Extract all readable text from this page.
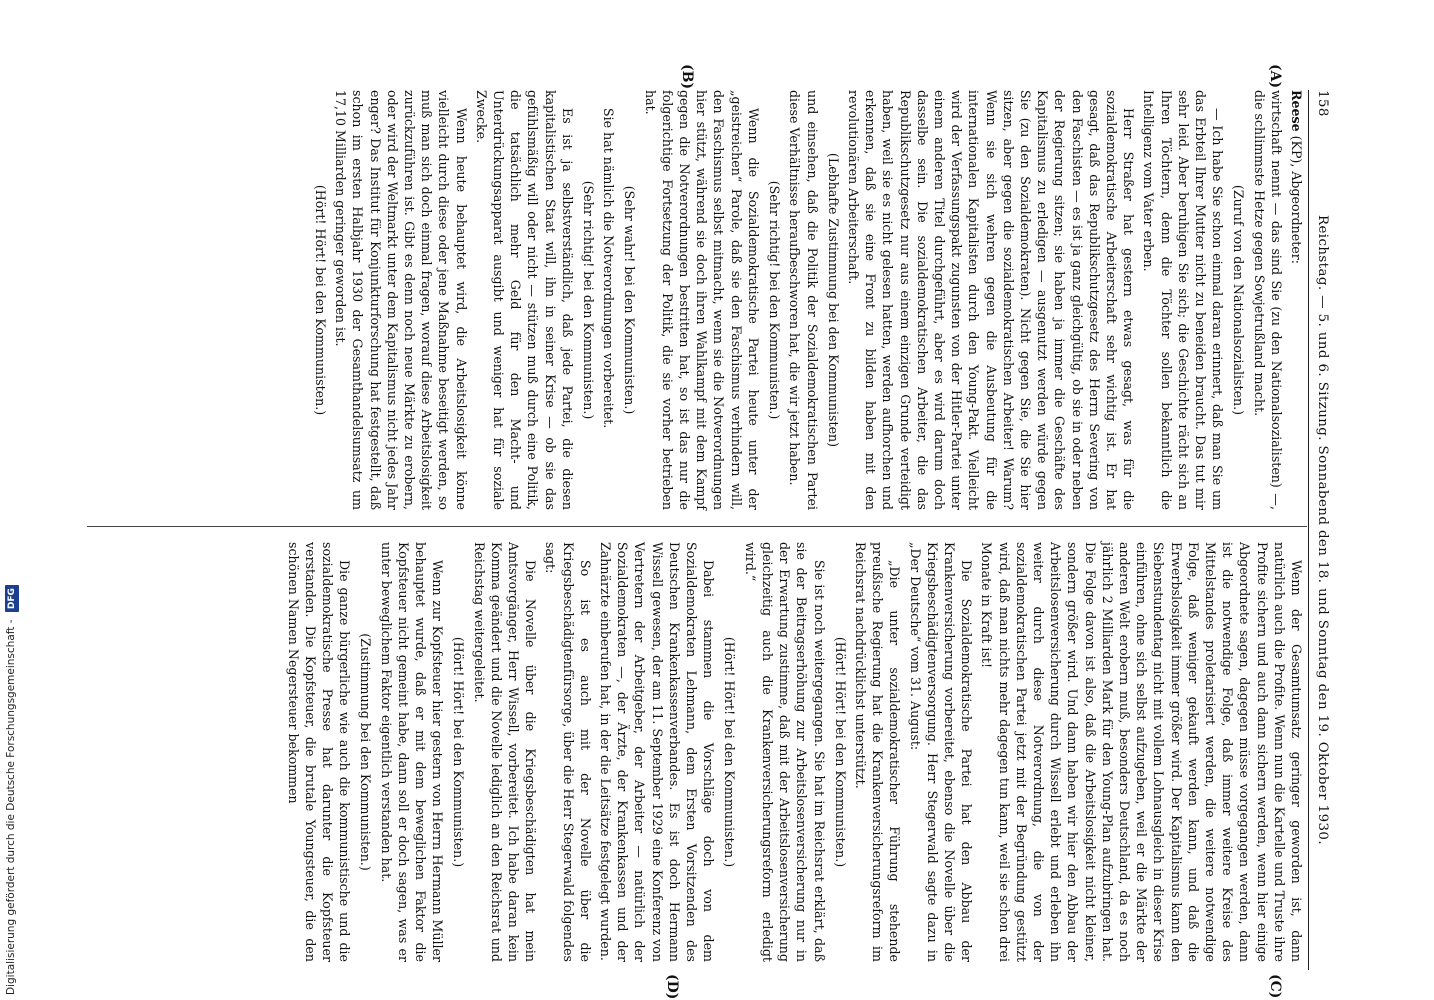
158
Reichstag. — 5. und 6. Sitzung. Sonnabend den 18. und Sonntag den 19. Oktober 1930.
(A)
(B)
(C)
(D)

Reese (KP), Abgeordneter:

wirtschaft nennt — das sind Sie (zu den Nationalsozialisten) —, die schlimmste Hetze gegen Sowjetrußland macht.

(Zuruf von den Nationalsozialisten.)

— Ich habe Sie schon einmal daran erinnert, daß man Sie um das Erbteil Ihrer Mutter nicht zu beneiden braucht. Das tut mir sehr leid. Aber beruhigen Sie sich; die Geschichte rächt sich an Ihren Töchtern, denn die Töchter sollen bekanntlich die Intelligenz vom Vater erben.

Herr Straßer hat gestern etwas gesagt, was für die sozialdemokratische Arbeiterschaft sehr wichtig ist. Er hat gesagt, daß das Republikschutzgesetz des Herrn Severing von den Faschisten — es ist ja ganz gleichgültig, ob sie in oder neben der Regierung sitzen; sie haben ja immer die Geschäfte des Kapitalismus zu erledigen — ausgenutzt werden würde gegen Sie (zu den Sozialdemokraten). Nicht gegen Sie, die Sie hier sitzen, aber gegen die sozialdemokratischen Arbeiter! Warum? Wenn sie sich wehren gegen die Ausbeutung für die internationalen Kapitalisten durch den Young-Pakt. Vielleicht wird der Verfassungspakt zugunsten von der Hitler-Partei unter einem anderen Titel durchgeführt, aber es wird darum doch dasselbe sein. Die sozialdemokratischen Arbeiter, die das Republikschutzgesetz nur aus einem einzigen Grunde verteidigt haben, weil sie es nicht gelesen hatten, werden aufhorchen und erkennen, daß sie eine Front zu bilden haben mit den revolutionären Arbeiterschaft.

(Lebhafte Zustimmung bei den Kommunisten)

und einsehen, daß die Politik der Sozialdemokratischen Partei diese Verhältnisse heraufbeschworen hat, die wir jetzt haben.

(Sehr richtig! bei den Kommunisten.)

Wenn die Sozialdemokratische Partei heute unter der „geistreichen“ Parole, daß sie den Faschismus verhindern will, den Faschismus selbst mitmacht, wenn sie die Notverordnungen hier stützt, während sie doch ihren Wahlkampf mit dem Kampf gegen die Notverordnungen bestritten hat, so ist das nur die folgerichtige Fortsetzung der Politik, die sie vorher betrieben hat.

(Sehr wahr! bei den Kommunisten.)

Sie hat nämlich die Notverordnungen vorbereitet.

(Sehr richtig! bei den Kommunisten.)

Es ist ja selbstverständlich, daß jede Partei, die diesen kapitalistischen Staat will, ihn in seiner Krise — ob sie das gefühlsmäßig will oder nicht — stützen muß durch eine Politik, die tatsächlich mehr Geld für den Macht- und Unterdrückungsapparat ausgibt und weniger hat für soziale Zwecke.

Wenn heute behauptet wird, die Arbeitslosigkeit könne vielleicht durch diese oder jene Maßnahme beseitigt werden, so muß man sich doch einmal fragen, worauf diese Arbeitslosigkeit zurückzuführen ist. Gibt es denn noch neue Märkte zu erobern, oder wird der Weltmarkt unter dem Kapitalismus nicht jedes Jahr enger? Das Institut für Konjunkturforschung hat festgestellt, daß schon im ersten Halbjahr 1930 der Gesamthandelsumsatz um 17,10 Milliarden geringer geworden ist.

(Hört! Hört! bei den Kommunisten.)

Wenn der Gesamtumsatz geringer geworden ist, dann natürlich auch die Profite. Wenn nun die Kartelle und Truste ihre Profite sichern und auch dann sichern werden, wenn hier einige Abgeordnete sagen, dagegen müsse vorgegangen werden, dann ist die notwendige Folge, daß immer weitere Kreise des Mittelstandes proletarisiert werden, die weitere notwendige Folge, daß weniger gekauft werden kann, und daß die Erwerbslosigkeit immer größer wird. Der Kapitalismus kann den Siebenstundentag nicht mit vollem Lohnausgleich in dieser Krise einführen, ohne sich selbst aufzugeben, weil er die Märkte der anderen Welt erobern muß, besonders Deutschland, da es noch jährlich 2 Milliarden Mark für den Young-Plan aufzubringen hat. Die Folge davon ist also, daß die Arbeitslosigkeit nicht kleiner, sondern größer wird. Und dann haben wir hier den Abbau der Arbeitslosenversicherung durch Wissell erlebt und erleben ihn weiter durch diese Notverordnung, die von der sozialdemokratischen Partei jetzt mit der Begründung gestützt wird, daß man nichts mehr dagegen tun kann, weil sie schon drei Monate in Kraft ist!

Die Sozialdemokratische Partei hat den Abbau der Krankenversicherung vorbereitet, ebenso die Novelle über die Kriegsbeschädigtenversorgung. Herr Stegerwald sagte dazu in „Der Deutsche“ vom 31. August:

„Die unter sozialdemokratischer Führung stehende preußische Regierung hat die Krankenversicherungsreform im Reichsrat nachdrücklichst unterstützt.

(Hört! Hört! bei den Kommunisten.)

Sie ist noch weitergegangen. Sie hat im Reichsrat erklärt, daß sie der Beitragserhöhung zur Arbeitslosenversicherung nur in der Erwartung zustimme, daß mit der Arbeitslosenversicherung gleichzeitig auch die Krankenversicherungsreform erledigt wird.“

(Hört! Hört! bei den Kommunisten.)

Dabei stammen die Vorschläge doch von dem Sozialdemokraten Lehmann, dem Ersten Vorsitzenden des Deutschen Krankenkassenverbandes. Es ist doch Hermann Wissell gewesen, der am 11. September 1929 eine Konferenz von Vertretern der Arbeitgeber, der Arbeiter — natürlich der Sozialdemokraten —, der Ärzte, der Krankenkassen und der Zahnärzte einberufen hat, in der die Leitsätze festgelegt wurden.

So ist es auch mit der Novelle über die Kriegsbeschädigtenfürsorge, über die Herr Stegerwald folgendes sagt:

Die Novelle über die Kriegsbeschädigten hat mein Amtsvorgänger, Herr Wissell, vorbereitet. Ich habe daran kein Komma geändert und die Novelle lediglich an den Reichsrat und Reichstag weitergeleitet.

(Hört! Hört! bei den Kommunisten.)

Wenn zur Kopfsteuer hier gestern von Herrn Hermann Müller behauptet wurde, daß er mit dem beweglichen Faktor die Kopfsteuer nicht gemeint habe, dann soll er doch sagen, was er unter beweglichem Faktor eigentlich verstanden hat.

(Zustimmung bei den Kommunisten.)

Die ganze bürgerliche wie auch die kommunistische und die sozialdemokratische Presse hat darunter die Kopfsteuer verstanden. Die Kopfsteuer, die brutale Youngsteuer, die den schönen Namen Negersteuer bekommen

Digitalisierung gefördert durch die Deutsche Forschungsgemeinschaft - DFG
